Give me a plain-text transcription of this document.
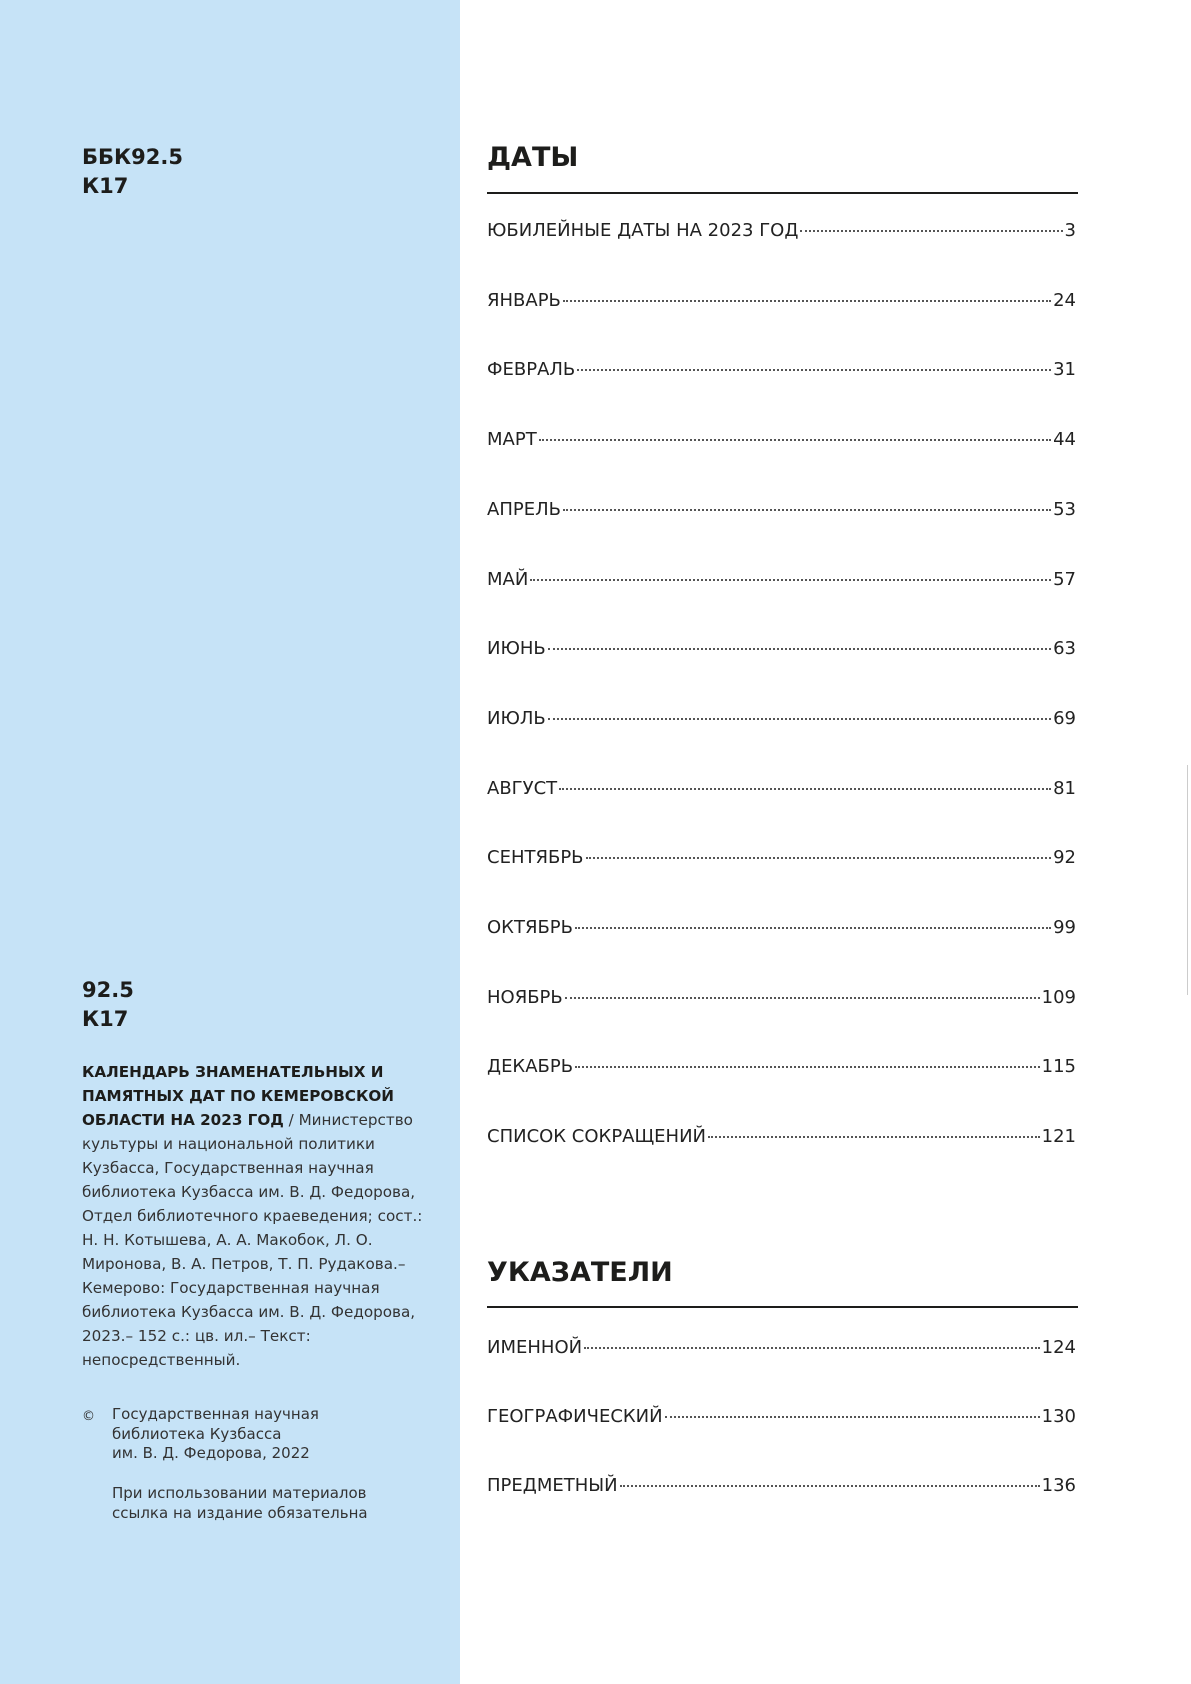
ББК92.5
К17
92.5
К17
КАЛЕНДАРЬ ЗНАМЕНАТЕЛЬНЫХ И ПАМЯТНЫХ ДАТ ПО КЕМЕРОВСКОЙ ОБЛАСТИ НА 2023 ГОД / Министерство культуры и национальной политики Кузбасса, Государственная научная библиотека Кузбасса им. В. Д. Федорова, Отдел библиотечного краеведения; сост.: Н. Н. Котышева, А. А. Макобок, Л. О. Миронова, В. А. Петров, Т. П. Рудакова.– Кемерово: Государственная научная библиотека Кузбасса им. В. Д. Федорова, 2023.– 152 с.: цв. ил.– Текст: непосредственный.
© Государственная научная
библиотека Кузбасса
им. В. Д. Федорова, 2022
При использовании материалов
ссылка на издание обязательна
ДАТЫ
ЮБИЛЕЙНЫЕ ДАТЫ НА 2023 ГОД	3
ЯНВАРЬ	24
ФЕВРАЛЬ	31
МАРТ	44
АПРЕЛЬ	53
МАЙ	57
ИЮНЬ	63
ИЮЛЬ	69
АВГУСТ	81
СЕНТЯБРЬ	92
ОКТЯБРЬ	99
НОЯБРЬ	109
ДЕКАБРЬ	115
СПИСОК СОКРАЩЕНИЙ	121
УКАЗАТЕЛИ
ИМЕННОЙ	124
ГЕОГРАФИЧЕСКИЙ	130
ПРЕДМЕТНЫЙ	136
